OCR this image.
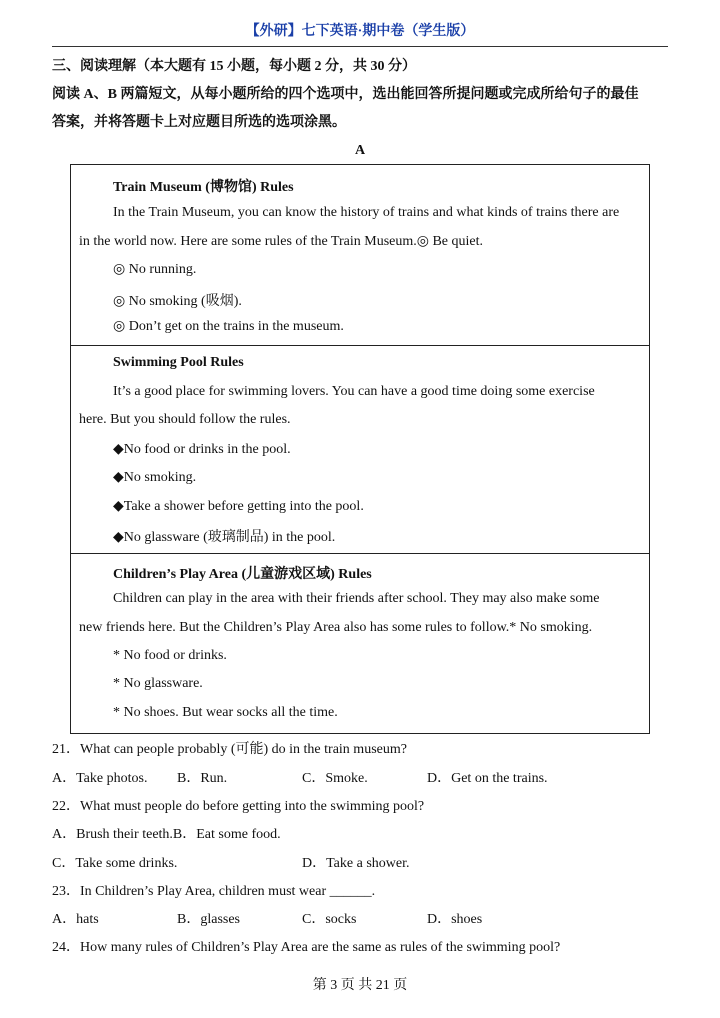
【外研】七下英语·期中卷（学生版）
三、阅读理解（本大题有 15 小题，每小题 2 分，共 30 分）
阅读 A、B 两篇短文，从每小题所给的四个选项中，选出能回答所提问题或完成所给句子的最佳
答案，并将答题卡上对应题目所选的选项涂黑。
A
Train Museum (博物馆) Rules
In the Train Museum, you can know the history of trains and what kinds of trains there are
in the world now. Here are some rules of the Train Museum.◎ Be quiet.
◎ No running.
◎ No smoking (吸烟).
◎ Don’t get on the trains in the museum.
Swimming Pool Rules
It’s a good place for swimming lovers. You can have a good time doing some exercise
here. But you should follow the rules.
◆No food or drinks in the pool.
◆No smoking.
◆Take a shower before getting into the pool.
◆No glassware (玻璃制品) in the pool.
Children’s Play Area (儿童游戏区域) Rules
Children can play in the area with their friends after school. They may also make some
new friends here. But the Children’s Play Area also has some rules to follow.* No smoking.
* No food or drinks.
* No glassware.
* No shoes. But wear socks all the time.
21．What can people probably (可能) do in the train museum?
A．Take photos. B．Run.	C．Smoke.	D．Get on the trains.
22．What must people do before getting into the swimming pool?
A．Brush their teeth.B．Eat some food.
C．Take some drinks.	D．Take a shower.
23．In Children’s Play Area, children must wear ______.
A．hats	B．glasses	C．socks	D．shoes
24．How many rules of Children’s Play Area are the same as rules of the swimming pool?
第 3 页 共 21 页
